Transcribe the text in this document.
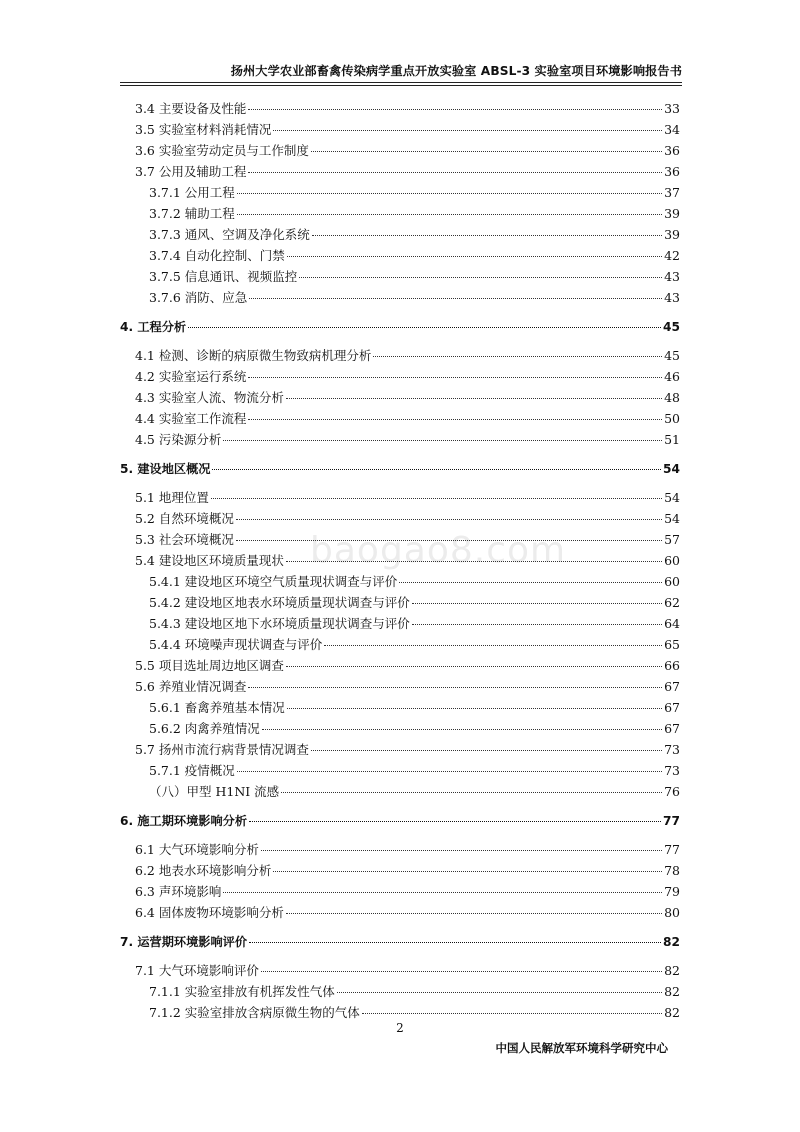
扬州大学农业部畜禽传染病学重点开放实验室 ABSL-3 实验室项目环境影响报告书
baogao8.com
3.4 主要设备及性能	33
3.5 实验室材料消耗情况	34
3.6 实验室劳动定员与工作制度	36
3.7 公用及辅助工程	36
3.7.1 公用工程	37
3.7.2 辅助工程	39
3.7.3 通风、空调及净化系统	39
3.7.4 自动化控制、门禁	42
3.7.5 信息通讯、视频监控	43
3.7.6 消防、应急	43
4. 工程分析	45
4.1 检测、诊断的病原微生物致病机理分析	45
4.2 实验室运行系统	46
4.3 实验室人流、物流分析	48
4.4 实验室工作流程	50
4.5 污染源分析	51
5. 建设地区概况	54
5.1 地理位置	54
5.2 自然环境概况	54
5.3 社会环境概况	57
5.4 建设地区环境质量现状	60
5.4.1 建设地区环境空气质量现状调查与评价	60
5.4.2 建设地区地表水环境质量现状调查与评价	62
5.4.3 建设地区地下水环境质量现状调查与评价	64
5.4.4 环境噪声现状调查与评价	65
5.5 项目选址周边地区调查	66
5.6 养殖业情况调查	67
5.6.1 畜禽养殖基本情况	67
5.6.2 肉禽养殖情况	67
5.7 扬州市流行病背景情况调查	73
5.7.1 疫情概况	73
（八）甲型 H1NI 流感	76
6. 施工期环境影响分析	77
6.1 大气环境影响分析	77
6.2 地表水环境影响分析	78
6.3 声环境影响	79
6.4 固体废物环境影响分析	80
7. 运营期环境影响评价	82
7.1 大气环境影响评价	82
7.1.1 实验室排放有机挥发性气体	82
7.1.2 实验室排放含病原微生物的气体	82
2
中国人民解放军环境科学研究中心
